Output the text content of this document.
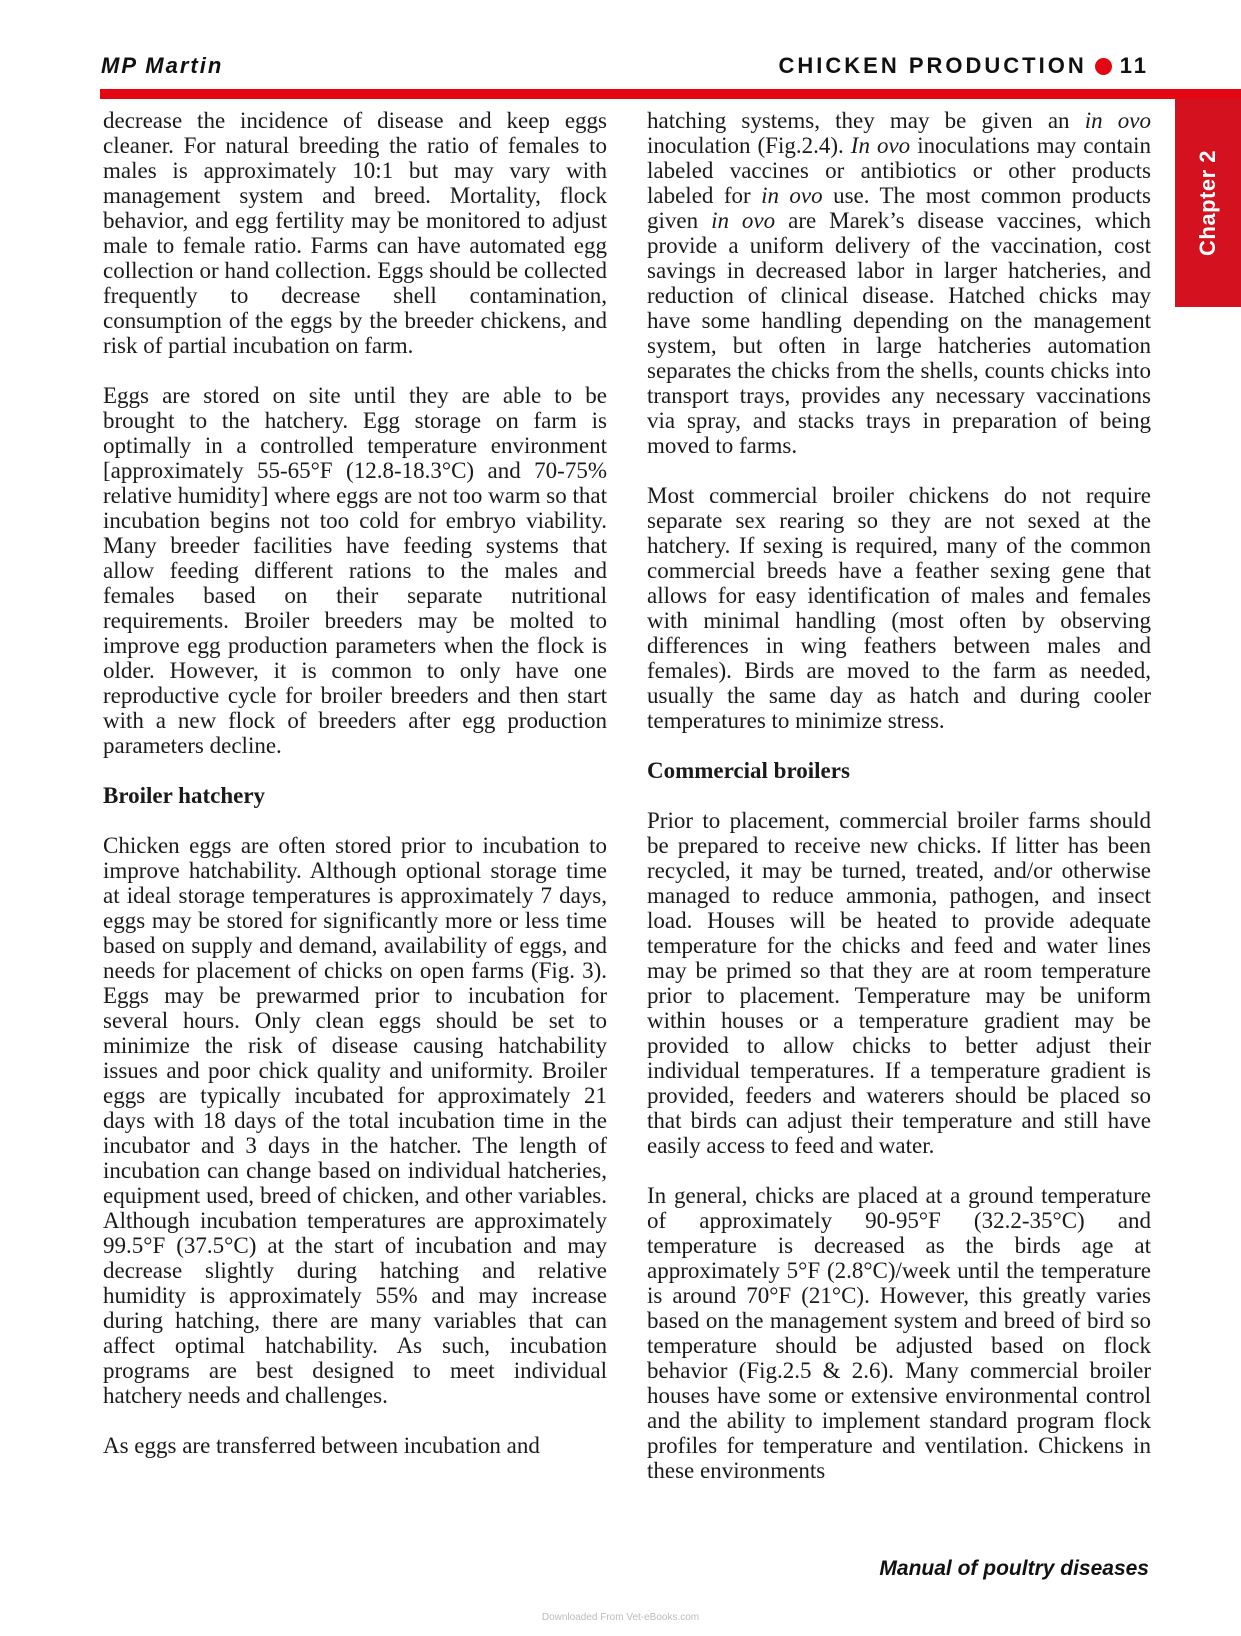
MP Martin	CHICKEN PRODUCTION 11
Chapter 2

decrease the incidence of disease and keep eggs cleaner. For natural breeding the ratio of females to males is approximately 10:1 but may vary with management system and breed. Mortality, flock behavior, and egg fertility may be monitored to adjust male to female ratio. Farms can have automated egg collection or hand collection. Eggs should be collected frequently to decrease shell contamination, consumption of the eggs by the breeder chickens, and risk of partial incubation on farm.

Eggs are stored on site until they are able to be brought to the hatchery. Egg storage on farm is optimally in a controlled temperature environment [approximately 55-65°F (12.8-18.3°C) and 70-75% relative humidity] where eggs are not too warm so that incubation begins not too cold for embryo viability. Many breeder facilities have feeding systems that allow feeding different rations to the males and females based on their separate nutritional requirements. Broiler breeders may be molted to improve egg production parameters when the flock is older. However, it is common to only have one reproductive cycle for broiler breeders and then start with a new flock of breeders after egg production parameters decline.

Broiler hatchery

Chicken eggs are often stored prior to incubation to improve hatchability. Although optional storage time at ideal storage temperatures is approximately 7 days, eggs may be stored for significantly more or less time based on supply and demand, availability of eggs, and needs for placement of chicks on open farms (Fig. 3). Eggs may be prewarmed prior to incubation for several hours. Only clean eggs should be set to minimize the risk of disease causing hatchability issues and poor chick quality and uniformity. Broiler eggs are typically incubated for approximately 21 days with 18 days of the total incubation time in the incubator and 3 days in the hatcher. The length of incubation can change based on individual hatcheries, equipment used, breed of chicken, and other variables. Although incubation temperatures are approximately 99.5°F (37.5°C) at the start of incubation and may decrease slightly during hatching and relative humidity is approximately 55% and may increase during hatching, there are many variables that can affect optimal hatchability. As such, incubation programs are best designed to meet individual hatchery needs and challenges.

As eggs are transferred between incubation and

hatching systems, they may be given an in ovo inoculation (Fig.2.4). In ovo inoculations may contain labeled vaccines or antibiotics or other products labeled for in ovo use. The most common products given in ovo are Marek’s disease vaccines, which provide a uniform delivery of the vaccination, cost savings in decreased labor in larger hatcheries, and reduction of clinical disease. Hatched chicks may have some handling depending on the management system, but often in large hatcheries automation separates the chicks from the shells, counts chicks into transport trays, provides any necessary vaccinations via spray, and stacks trays in preparation of being moved to farms.

Most commercial broiler chickens do not require separate sex rearing so they are not sexed at the hatchery. If sexing is required, many of the common commercial breeds have a feather sexing gene that allows for easy identification of males and females with minimal handling (most often by observing differences in wing feathers between males and females). Birds are moved to the farm as needed, usually the same day as hatch and during cooler temperatures to minimize stress.

Commercial broilers

Prior to placement, commercial broiler farms should be prepared to receive new chicks. If litter has been recycled, it may be turned, treated, and/or otherwise managed to reduce ammonia, pathogen, and insect load. Houses will be heated to provide adequate temperature for the chicks and feed and water lines may be primed so that they are at room temperature prior to placement. Temperature may be uniform within houses or a temperature gradient may be provided to allow chicks to better adjust their individual temperatures. If a temperature gradient is provided, feeders and waterers should be placed so that birds can adjust their temperature and still have easily access to feed and water.

In general, chicks are placed at a ground temperature of approximately 90-95°F (32.2-35°C) and temperature is decreased as the birds age at approximately 5°F (2.8°C)/week until the temperature is around 70°F (21°C). However, this greatly varies based on the management system and breed of bird so temperature should be adjusted based on flock behavior (Fig.2.5 & 2.6). Many commercial broiler houses have some or extensive environmental control and the ability to implement standard program flock profiles for temperature and ventilation. Chickens in these environments

Manual of poultry diseases
Downloaded From Vet-eBooks.com
